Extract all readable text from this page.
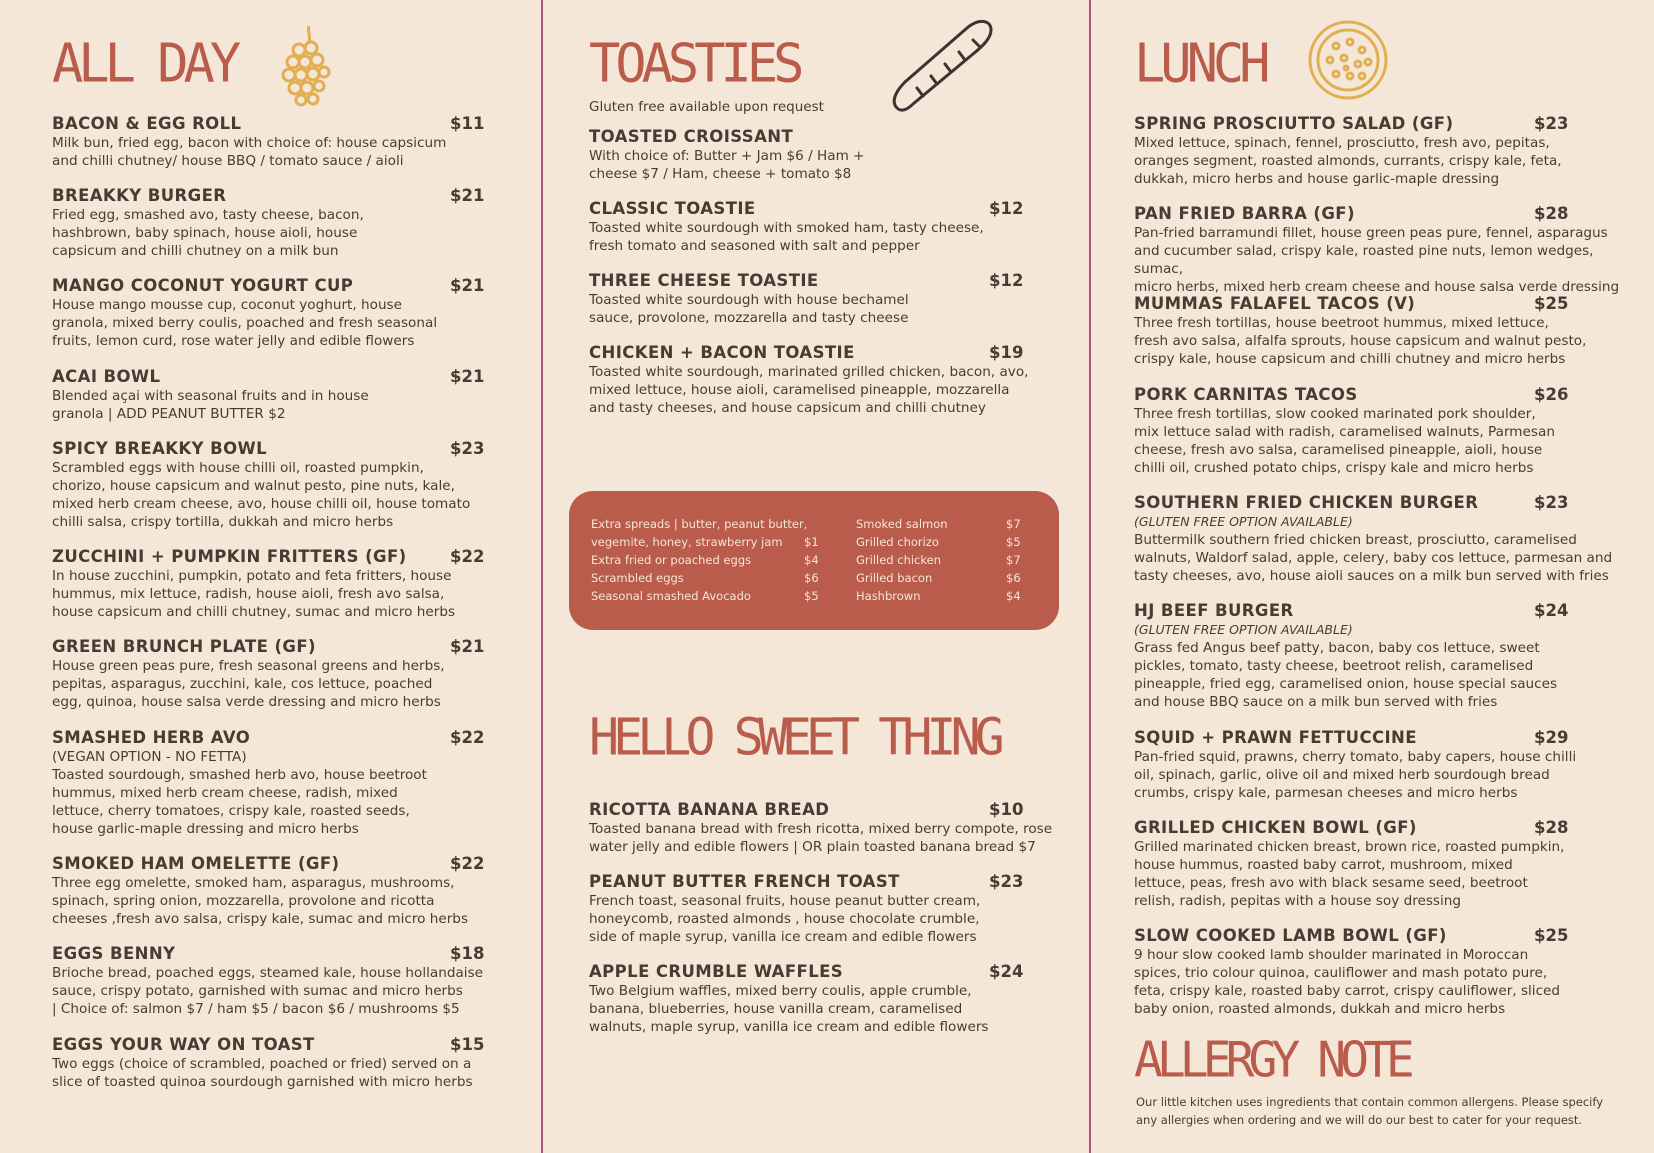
ALL DAY
BACON & EGG ROLL	$11
Milk bun, fried egg, bacon with choice of: house capsicum
and chilli chutney/ house BBQ / tomato sauce / aioli
BREAKKY BURGER	$21
Fried egg, smashed avo, tasty cheese, bacon,
hashbrown, baby spinach, house aioli, house
capsicum and chilli chutney on a milk bun
MANGO COCONUT YOGURT CUP	$21
House mango mousse cup, coconut yoghurt, house
granola, mixed berry coulis, poached and fresh seasonal
fruits, lemon curd, rose water jelly and edible flowers
ACAI BOWL	$21
Blended açai with seasonal fruits and in house
granola | ADD PEANUT BUTTER $2
SPICY BREAKKY BOWL	$23
Scrambled eggs with house chilli oil, roasted pumpkin,
chorizo, house capsicum and walnut pesto, pine nuts, kale,
mixed herb cream cheese, avo, house chilli oil, house tomato
chilli salsa, crispy tortilla, dukkah and micro herbs
ZUCCHINI + PUMPKIN FRITTERS (GF)	$22
In house zucchini, pumpkin, potato and feta fritters, house
hummus, mix lettuce, radish, house aioli, fresh avo salsa,
house capsicum and chilli chutney, sumac and micro herbs
GREEN BRUNCH PLATE (GF)	$21
House green peas pure, fresh seasonal greens and herbs,
pepitas, asparagus, zucchini, kale, cos lettuce, poached
egg, quinoa, house salsa verde dressing and micro herbs
SMASHED HERB AVO	$22
(VEGAN OPTION - NO FETTA)
Toasted sourdough, smashed herb avo, house beetroot
hummus, mixed herb cream cheese, radish, mixed
lettuce, cherry tomatoes, crispy kale, roasted seeds,
house garlic-maple dressing and micro herbs
SMOKED HAM OMELETTE (GF)	$22
Three egg omelette, smoked ham, asparagus, mushrooms,
spinach, spring onion, mozzarella, provolone and ricotta
cheeses ,fresh avo salsa, crispy kale, sumac and micro herbs
EGGS BENNY	$18
Brioche bread, poached eggs, steamed kale, house hollandaise
sauce, crispy potato, garnished with sumac and micro herbs
| Choice of: salmon $7 / ham $5 / bacon $6 / mushrooms $5
EGGS YOUR WAY ON TOAST	$15
Two eggs (choice of scrambled, poached or fried) served on a
slice of toasted quinoa sourdough garnished with micro herbs
TOASTIES
Gluten free available upon request
TOASTED CROISSANT
With choice of: Butter + Jam $6 / Ham +
cheese $7 / Ham, cheese + tomato $8
CLASSIC TOASTIE	$12
Toasted white sourdough with smoked ham, tasty cheese,
fresh tomato and seasoned with salt and pepper
THREE CHEESE TOASTIE	$12
Toasted white sourdough with house bechamel
sauce, provolone, mozzarella and tasty cheese
CHICKEN + BACON TOASTIE	$19
Toasted white sourdough, marinated grilled chicken, bacon, avo,
mixed lettuce, house aioli, caramelised pineapple, mozzarella
and tasty cheeses, and house capsicum and chilli chutney
Extra spreads | butter, peanut butter,
vegemite, honey, strawberry jam $1
Extra fried or poached eggs	$4
Scrambled eggs	$6
Seasonal smashed Avocado	$5
Smoked salmon	$7
Grilled chorizo	$5
Grilled chicken	$7
Grilled bacon	$6
Hashbrown	$4
HELLO SWEET THING
RICOTTA BANANA BREAD	$10
Toasted banana bread with fresh ricotta, mixed berry compote, rose
water jelly and edible flowers | OR plain toasted banana bread $7
PEANUT BUTTER FRENCH TOAST	$23
French toast, seasonal fruits, house peanut butter cream,
honeycomb, roasted almonds , house chocolate crumble,
side of maple syrup, vanilla ice cream and edible flowers
APPLE CRUMBLE WAFFLES	$24
Two Belgium waffles, mixed berry coulis, apple crumble,
banana, blueberries, house vanilla cream, caramelised
walnuts, maple syrup, vanilla ice cream and edible flowers
LUNCH
SPRING PROSCIUTTO SALAD (GF)	$23
Mixed lettuce, spinach, fennel, prosciutto, fresh avo, pepitas,
oranges segment, roasted almonds, currants, crispy kale, feta,
dukkah, micro herbs and house garlic-maple dressing
PAN FRIED BARRA (GF)	$28
Pan-fried barramundi fillet, house green peas pure, fennel, asparagus
and cucumber salad, crispy kale, roasted pine nuts, lemon wedges, sumac,
micro herbs, mixed herb cream cheese and house salsa verde dressing
MUMMAS FALAFEL TACOS (V)	$25
Three fresh tortillas, house beetroot hummus, mixed lettuce,
fresh avo salsa, alfalfa sprouts, house capsicum and walnut pesto,
crispy kale, house capsicum and chilli chutney and micro herbs
PORK CARNITAS TACOS	$26
Three fresh tortillas, slow cooked marinated pork shoulder,
mix lettuce salad with radish, caramelised walnuts, Parmesan
cheese, fresh avo salsa, caramelised pineapple, aioli, house
chilli oil, crushed potato chips, crispy kale and micro herbs
SOUTHERN FRIED CHICKEN BURGER	$23
(GLUTEN FREE OPTION AVAILABLE)
Buttermilk southern fried chicken breast, prosciutto, caramelised
walnuts, Waldorf salad, apple, celery, baby cos lettuce, parmesan and
tasty cheeses, avo, house aioli sauces on a milk bun served with fries
HJ BEEF BURGER	$24
(GLUTEN FREE OPTION AVAILABLE)
Grass fed Angus beef patty, bacon, baby cos lettuce, sweet
pickles, tomato, tasty cheese, beetroot relish, caramelised
pineapple, fried egg, caramelised onion, house special sauces
and house BBQ sauce on a milk bun served with fries
SQUID + PRAWN FETTUCCINE	$29
Pan-fried squid, prawns, cherry tomato, baby capers, house chilli
oil, spinach, garlic, olive oil and mixed herb sourdough bread
crumbs, crispy kale, parmesan cheeses and micro herbs
GRILLED CHICKEN BOWL (GF)	$28
Grilled marinated chicken breast, brown rice, roasted pumpkin,
house hummus, roasted baby carrot, mushroom, mixed
lettuce, peas, fresh avo with black sesame seed, beetroot
relish, radish, pepitas with a house soy dressing
SLOW COOKED LAMB BOWL (GF)	$25
9 hour slow cooked lamb shoulder marinated in Moroccan
spices, trio colour quinoa, cauliflower and mash potato pure,
feta, crispy kale, roasted baby carrot, crispy cauliflower, sliced
baby onion, roasted almonds, dukkah and micro herbs
ALLERGY NOTE
Our little kitchen uses ingredients that contain common allergens. Please specify
any allergies when ordering and we will do our best to cater for your request.
